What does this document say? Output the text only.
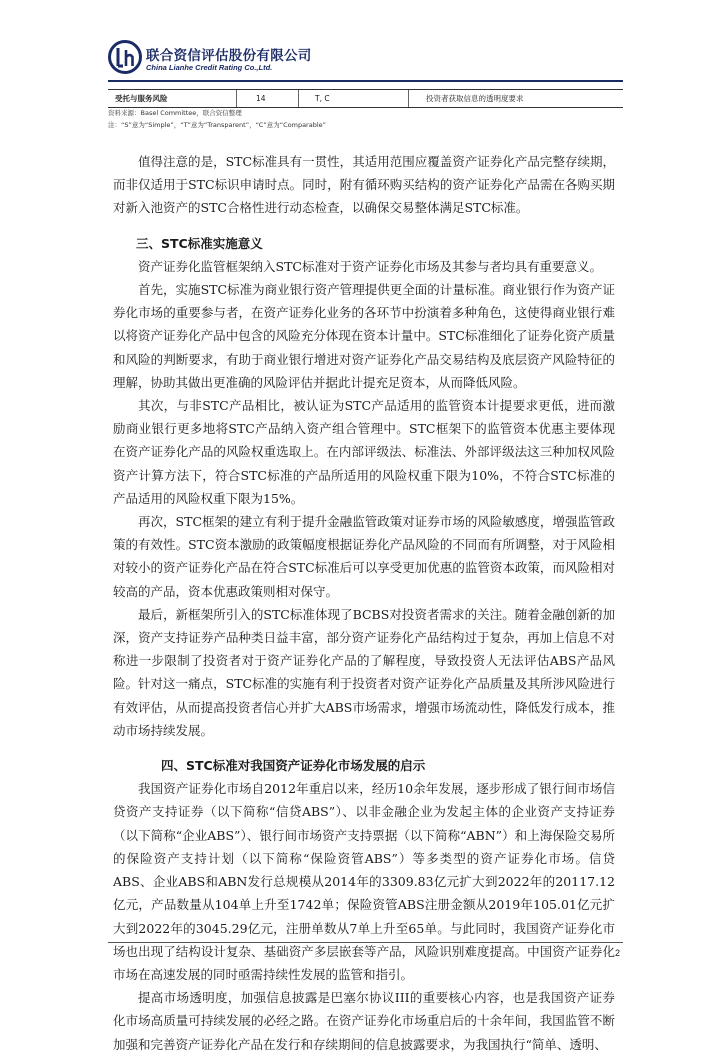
联合资信评估股份有限公司
China Lianhe Credit Rating Co.,Ltd.
受托与服务风险	14	T, C	投资者获取信息的透明度要求
资料来源：Basel Committee，联合资信整理
注：“S”意为“Simple”，“T”意为“Transparent”，“C”意为“Comparable”

值得注意的是，STC标准具有一贯性，其适用范围应覆盖资产证券化产品完整存续期，而非仅适用于STC标识申请时点。同时，附有循环购买结构的资产证券化产品需在各购买期对新入池资产的STC合格性进行动态检查，以确保交易整体满足STC标准。

三、STC标准实施意义

资产证券化监管框架纳入STC标准对于资产证券化市场及其参与者均具有重要意义。

首先，实施STC标准为商业银行资产管理提供更全面的计量标准。商业银行作为资产证券化市场的重要参与者，在资产证券化业务的各环节中扮演着多种角色，这使得商业银行难以将资产证券化产品中包含的风险充分体现在资本计量中。STC标准细化了证券化资产质量和风险的判断要求，有助于商业银行增进对资产证券化产品交易结构及底层资产风险特征的理解，协助其做出更准确的风险评估并据此计提充足资本，从而降低风险。

其次，与非STC产品相比，被认证为STC产品适用的监管资本计提要求更低，进而激励商业银行更多地将STC产品纳入资产组合管理中。STC框架下的监管资本优惠主要体现在资产证券化产品的风险权重选取上。在内部评级法、标准法、外部评级法这三种加权风险资产计算方法下，符合STC标准的产品所适用的风险权重下限为10%，不符合STC标准的产品适用的风险权重下限为15%。

再次，STC框架的建立有利于提升金融监管政策对证券市场的风险敏感度，增强监管政策的有效性。STC资本激励的政策幅度根据证券化产品风险的不同而有所调整，对于风险相对较小的资产证券化产品在符合STC标准后可以享受更加优惠的监管资本政策，而风险相对较高的产品，资本优惠政策则相对保守。

最后，新框架所引入的STC标准体现了BCBS对投资者需求的关注。随着金融创新的加深，资产支持证券产品种类日益丰富，部分资产证券化产品结构过于复杂，再加上信息不对称进一步限制了投资者对于资产证券化产品的了解程度，导致投资人无法评估ABS产品风险。针对这一痛点，STC标准的实施有利于投资者对资产证券化产品质量及其所涉风险进行有效评估，从而提高投资者信心并扩大ABS市场需求，增强市场流动性，降低发行成本，推动市场持续发展。

四、STC标准对我国资产证券化市场发展的启示

我国资产证券化市场自2012年重启以来，经历10余年发展，逐步形成了银行间市场信贷资产支持证券（以下简称“信贷ABS”）、以非金融企业为发起主体的企业资产支持证券（以下简称“企业ABS”）、银行间市场资产支持票据（以下简称“ABN”）和上海保险交易所的保险资产支持计划（以下简称“保险资管ABS”）等多类型的资产证券化市场。信贷ABS、企业ABS和ABN发行总规模从2014年的3309.83亿元扩大到2022年的20117.12亿元，产品数量从104单上升至1742单；保险资管ABS注册金额从2019年105.01亿元扩大到2022年的3045.29亿元，注册单数从7单上升至65单。与此同时，我国资产证券化市场也出现了结构设计复杂、基础资产多层嵌套等产品，风险识别难度提高。中国资产证券化市场在高速发展的同时亟需持续性发展的监管和指引。

提高市场透明度，加强信息披露是巴塞尔协议III的重要核心内容，也是我国资产证券化市场高质量可持续发展的必经之路。在资产证券化市场重启后的十余年间，我国监管不断加强和完善资产证券化产品在发行和存续期间的信息披露要求，为我国执行“简单、透明、

2
